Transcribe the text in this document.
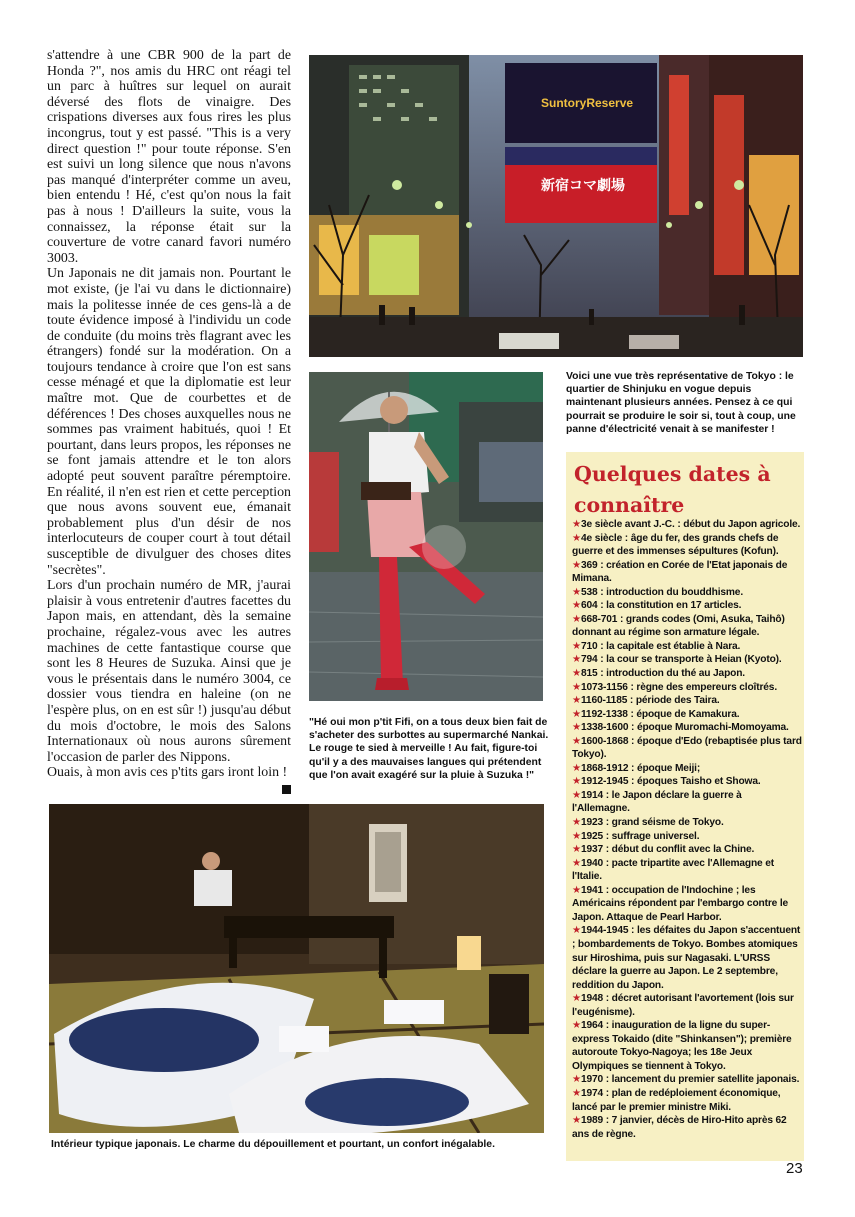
s'attendre à une CBR 900 de la part de Honda ?", nos amis du HRC ont réagi tel un parc à huîtres sur lequel on aurait déversé des flots de vinaigre. Des crispations diverses aux fous rires les plus incongrus, tout y est passé. "This is a very direct question !" pour toute réponse. S'en est suivi un long silence que nous n'avons pas manqué d'interpréter comme un aveu, bien entendu ! Hé, c'est qu'on nous la fait pas à nous ! D'ailleurs la suite, vous la connaissez, la réponse était sur la couverture de votre canard favori numéro 3003.

Un Japonais ne dit jamais non. Pourtant le mot existe, (je l'ai vu dans le dictionnaire) mais la politesse innée de ces gens-là a de toute évidence imposé à l'individu un code de conduite (du moins très flagrant avec les étrangers) fondé sur la modération. On a toujours tendance à croire que l'on est sans cesse ménagé et que la diplomatie est leur maître mot. Que de courbettes et de déférences ! Des choses auxquelles nous ne sommes pas vraiment habitués, quoi ! Et pourtant, dans leurs propos, les réponses ne se font jamais attendre et le ton alors adopté peut souvent paraître péremptoire. En réalité, il n'en est rien et cette perception que nous avons souvent eue, émanait probablement plus d'un désir de nos interlocuteurs de couper court à tout détail susceptible de divulguer des choses dites "secrètes".

Lors d'un prochain numéro de MR, j'aurai plaisir à vous entretenir d'autres facettes du Japon mais, en attendant, dès la semaine prochaine, régalez-vous avec les autres machines de cette fantastique course que sont les 8 Heures de Suzuka. Ainsi que je vous le présentais dans le numéro 3004, ce dossier vous tiendra en haleine (on ne l'espère plus, on en est sûr !) jusqu'au début du mois d'octobre, le mois des Salons Internationaux où nous aurons sûrement l'occasion de parler des Nippons.

Ouais, à mon avis ces p'tits gars iront loin !

SuntoryReserve
新宿コマ劇場
Voici une vue très représentative de Tokyo : le quartier de Shinjuku en vogue depuis maintenant plusieurs années. Pensez à ce qui pourrait se produire le soir si, tout à coup, une panne d'électricité venait à se manifester !
"Hé oui mon p'tit Fifi, on a tous deux bien fait de s'acheter des surbottes au supermarché Nankai. Le rouge te sied à merveille ! Au fait, figure-toi qu'il y a des mauvaises langues qui prétendent que l'on avait exagéré sur la pluie à Suzuka !"
Intérieur typique japonais. Le charme du dépouillement et pourtant, un confort inégalable.
Quelques dates à connaître

★3e siècle avant J.-C. : début du Japon agricole.

★4e siècle : âge du fer, des grands chefs de guerre et des immenses sépultures (Kofun).

★369 : création en Corée de l'Etat japonais de Mimana.

★538 : introduction du bouddhisme.

★604 : la constitution en 17 articles.

★668-701 : grands codes (Omi, Asuka, Taihô) donnant au régime son armature légale.

★710 : la capitale est établie à Nara.

★794 : la cour se transporte à Heian (Kyoto).

★815 : introduction du thé au Japon.

★1073-1156 : règne des empereurs cloîtrés.

★1160-1185 : période des Taira.

★1192-1338 : époque de Kamakura.

★1338-1600 : époque Muromachi-Momoyama.

★1600-1868 : époque d'Edo (rebaptisée plus tard Tokyo).

★1868-1912 : époque Meiji;

★1912-1945 : époques Taisho et Showa.

★1914 : le Japon déclare la guerre à l'Allemagne.

★1923 : grand séisme de Tokyo.

★1925 : suffrage universel.

★1937 : début du conflit avec la Chine.

★1940 : pacte tripartite avec l'Allemagne et l'Italie.

★1941 : occupation de l'Indochine ; les Américains répondent par l'embargo contre le Japon. Attaque de Pearl Harbor.

★1944-1945 : les défaites du Japon s'accentuent ; bombardements de Tokyo. Bombes atomiques sur Hiroshima, puis sur Nagasaki. L'URSS déclare la guerre au Japon. Le 2 septembre, reddition du Japon.

★1948 : décret autorisant l'avortement (lois sur l'eugénisme).

★1964 : inauguration de la ligne du super-express Tokaido (dite "Shinkansen"); première autoroute Tokyo-Nagoya; les 18e Jeux Olympiques se tiennent à Tokyo.

★1970 : lancement du premier satellite japonais.

★1974 : plan de redéploiement économique, lancé par le premier ministre Miki.

★1989 : 7 janvier, décès de Hiro-Hito après 62 ans de règne.

23
